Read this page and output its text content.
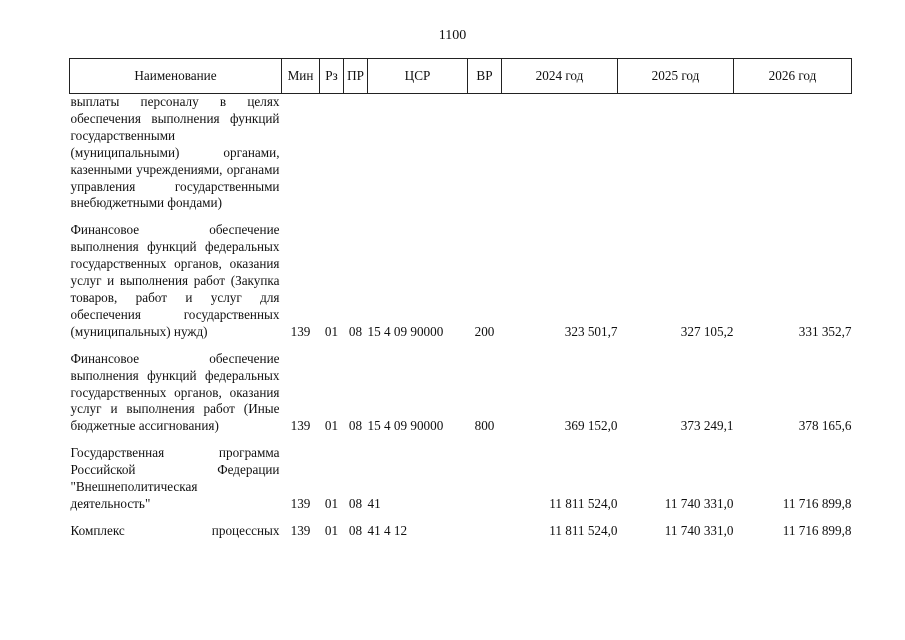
1100
Наименование	Мин	Рз	ПР	ЦСР	ВР	2024 год	2025 год	2026 год
выплаты персоналу в целях обеспечения выполнения функций государственными (муниципальными) органами, казенными учреждениями, органами управления государственными внебюджетными фондами)								

Финансовое обеспечение выполнения функций федеральных государственных органов, оказания услуг и выполнения работ (Закупка товаров, работ и услуг для обеспечения государственных (муниципальных) нужд)	139	01	08	15 4 09 90000	200	323 501,7	327 105,2	331 352,7

Финансовое обеспечение выполнения функций федеральных государственных органов, оказания услуг и выполнения работ (Иные бюджетные ассигнования)	139	01	08	15 4 09 90000	800	369 152,0	373 249,1	378 165,6

Государственная программа Российской Федерации "Внешнеполитическая деятельность"	139	01	08	41		11 811 524,0	11 740 331,0	11 716 899,8

Комплекс процессных	139	01	08	41 4 12		11 811 524,0	11 740 331,0	11 716 899,8
